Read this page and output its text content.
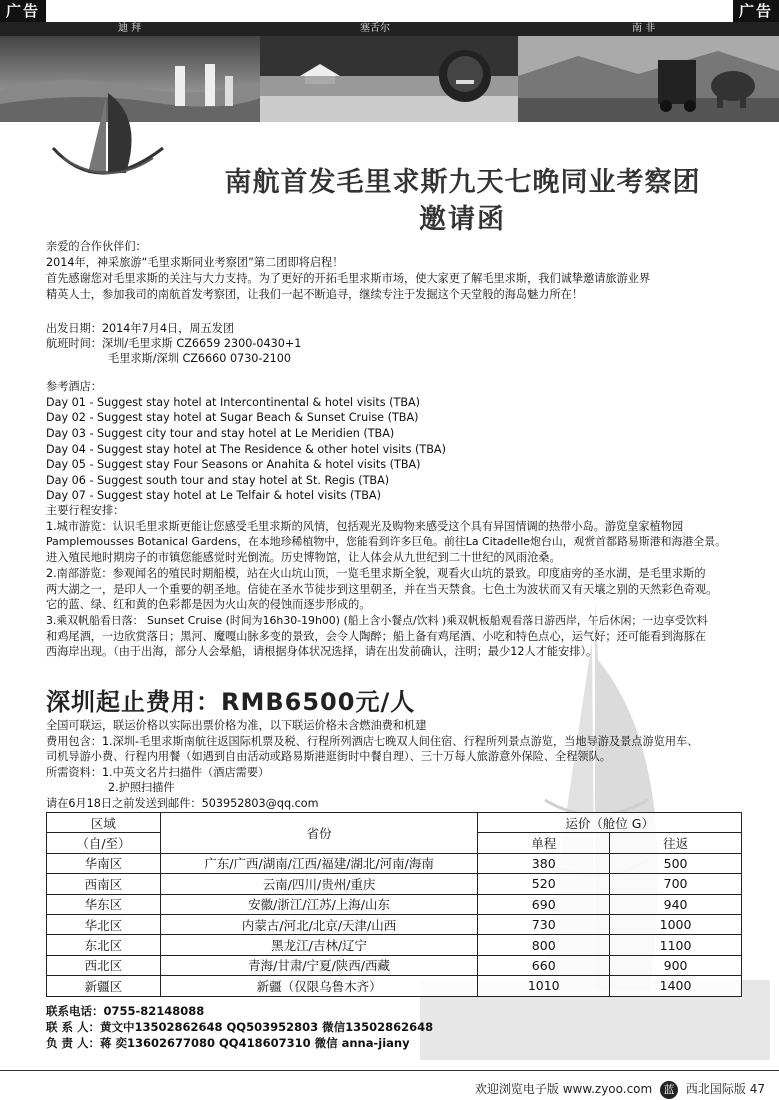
广告	广告
迪 拜	塞舌尔	南 非
南航首发毛里求斯九天七晚同业考察团
邀请函
亲爱的合作伙伴们：
2014年，神采旅游“毛里求斯同业考察团”第二团即将启程！
首先感谢您对毛里求斯的关注与大力支持。为了更好的开拓毛里求斯市场，使大家更了解毛里求斯，我们诚挚邀请旅游业界
精英人士，参加我司的南航首发考察团，让我们一起不断追寻，继续专注于发掘这个天堂般的海岛魅力所在！
出发日期：2014年7月4日，周五发团
航班时间：深圳/毛里求斯 CZ6659 2300-0430+1
毛里求斯/深圳 CZ6660 0730-2100
参考酒店：
Day 01 - Suggest stay hotel at Intercontinental & hotel visits (TBA)
Day 02 - Suggest stay hotel at Sugar Beach & Sunset Cruise (TBA)
Day 03 - Suggest city tour and stay hotel at Le Meridien (TBA)
Day 04 - Suggest stay hotel at The Residence & other hotel visits (TBA)
Day 05 - Suggest stay Four Seasons or Anahita & hotel visits (TBA)
Day 06 - Suggest south tour and stay hotel at St. Regis (TBA)
Day 07 - Suggest stay hotel at Le Telfair & hotel visits (TBA)
主要行程安排：
1.城市游览：认识毛里求斯更能让您感受毛里求斯的风情，包括观光及购物来感受这个具有异国情调的热带小岛。游览皇家植物园
Pamplemousses Botanical Gardens，在本地珍稀植物中，您能看到许多巨龟。前往La Citadelle炮台山，观赏首都路易斯港和海港全景。
进入殖民地时期房子的市镇您能感觉时光倒流。历史博物馆，让人体会从九世纪到二十世纪的风雨沧桑。
2.南部游览：参观闻名的殖民时期船模，站在火山坑山顶，一览毛里求斯全貌，观看火山坑的景致。印度庙旁的圣水湖，是毛里求斯的
两大湖之一，是印人一个重要的朝圣地。信徒在圣水节徒步到这里朝圣，并在当天禁食。七色土为波状而又有天壤之别的天然彩色奇观。
它的蓝、绿、红和黄的色彩都是因为火山灰的侵蚀而逐步形成的。
3.乘双帆船看日落： Sunset Cruise (时间为16h30-19h00) (船上含小餐点/饮料 )乘双帆板船观看落日游西岸，午后休闲；一边享受饮料
和鸡尾酒，一边欣赏落日；黑河、魔嘎山脉多变的景致，会令人陶醉；船上备有鸡尾酒、小吃和特色点心，运气好；还可能看到海豚在
西海岸出现。（由于出海，部分人会晕船，请根据身体状况选择，请在出发前确认，注明；最少12人才能安排）。
深圳起止费用：RMB6500元/人
全国可联运，联运价格以实际出票价格为准，以下联运价格未含燃油费和机建
费用包含：1.深圳-毛里求斯南航往返国际机票及税、行程所列酒店七晚双人间住宿、行程所列景点游览，当地导游及景点游览用车、
司机导游小费、行程内用餐（如遇到自由活动或路易斯港逛街时中餐自理）、三十万每人旅游意外保险、全程领队。
所需资料：1.中英文名片扫描件（酒店需要）
2.护照扫描件
请在6月18日之前发送到邮件：503952803@qq.com
区域	省份	运价（舱位 G）	
（自/至）		单程	往返
华南区	广东/广西/湖南/江西/福建/湖北/河南/海南	380	500
西南区	云南/四川/贵州/重庆	520	700
华东区	安徽/浙江/江苏/上海/山东	690	940
华北区	内蒙古/河北/北京/天津/山西	730	1000
东北区	黑龙江/吉林/辽宁	800	1100
西北区	青海/甘肃/宁夏/陕西/西藏	660	900
新疆区	新疆（仅限乌鲁木齐）	1010	1400
联系电话：0755-82148088
联 系 人：黄文中13502862648 QQ503952803 微信13502862648
负 责 人：蒋 奕13602677080 QQ418607310 微信 anna-jiany
欢迎浏览电子版 www.zyoo.com 蓝 西北国际版 47
